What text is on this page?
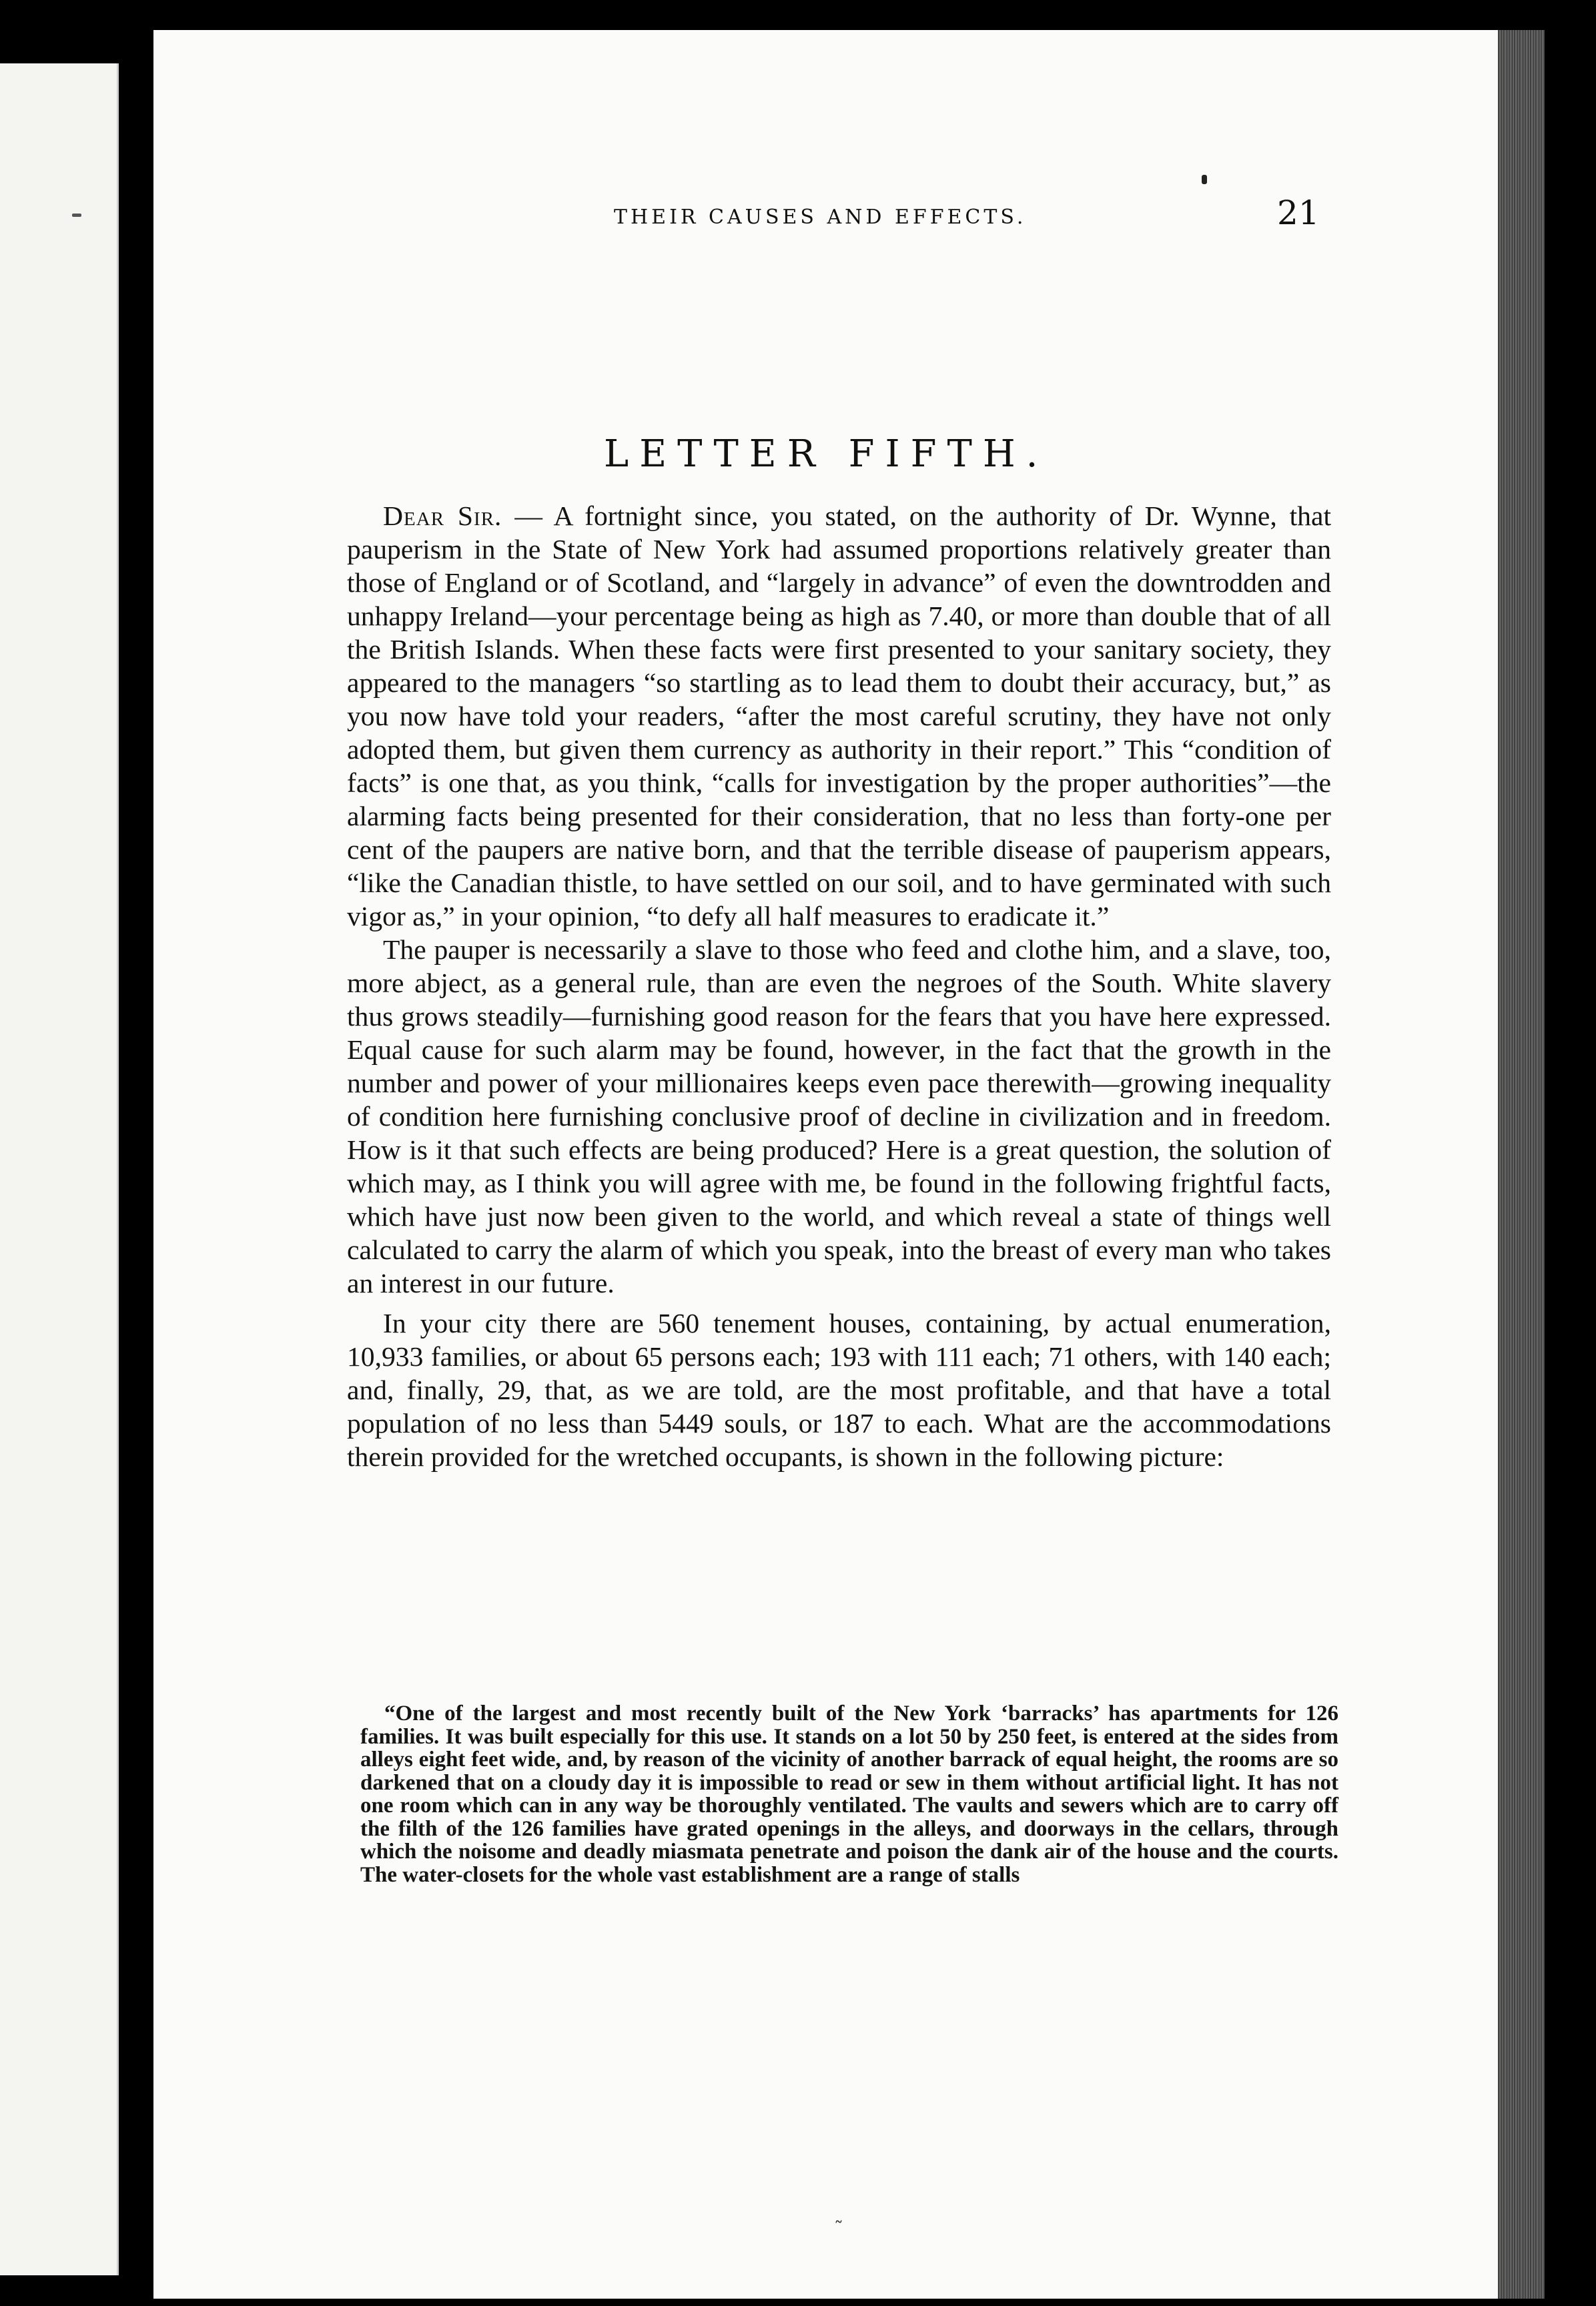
THEIR CAUSES AND EFFECTS.	21
LETTER FIFTH.

Dear Sir. — A fortnight since, you stated, on the authority of Dr. Wynne, that pauperism in the State of New York had assumed proportions relatively greater than those of England or of Scotland, and “largely in advance” of even the downtrodden and unhappy Ireland—your percentage being as high as 7.40, or more than double that of all the British Islands. When these facts were first presented to your sanitary society, they appeared to the managers “so startling as to lead them to doubt their accuracy, but,” as you now have told your readers, “after the most careful scrutiny, they have not only adopted them, but given them currency as authority in their report.” This “condition of facts” is one that, as you think, “calls for investigation by the proper authorities”—the alarming facts being presented for their consideration, that no less than forty-one per cent of the paupers are native born, and that the terrible disease of pauperism appears, “like the Canadian thistle, to have settled on our soil, and to have germinated with such vigor as,” in your opinion, “to defy all half measures to eradicate it.”

The pauper is necessarily a slave to those who feed and clothe him, and a slave, too, more abject, as a general rule, than are even the negroes of the South. White slavery thus grows steadily—furnishing good reason for the fears that you have here expressed. Equal cause for such alarm may be found, however, in the fact that the growth in the number and power of your millionaires keeps even pace therewith—growing inequality of condition here furnishing conclusive proof of decline in civilization and in freedom. How is it that such effects are being produced? Here is a great question, the solution of which may, as I think you will agree with me, be found in the following frightful facts, which have just now been given to the world, and which reveal a state of things well calculated to carry the alarm of which you speak, into the breast of every man who takes an interest in our future.

In your city there are 560 tenement houses, containing, by actual enumeration, 10,933 families, or about 65 persons each; 193 with 111 each; 71 others, with 140 each; and, finally, 29, that, as we are told, are the most profitable, and that have a total population of no less than 5449 souls, or 187 to each. What are the accommodations therein provided for the wretched occupants, is shown in the following picture:

“One of the largest and most recently built of the New York ‘barracks’ has apartments for 126 families. It was built especially for this use. It stands on a lot 50 by 250 feet, is entered at the sides from alleys eight feet wide, and, by reason of the vicinity of another barrack of equal height, the rooms are so darkened that on a cloudy day it is impossible to read or sew in them without artificial light. It has not one room which can in any way be thoroughly ventilated. The vaults and sewers which are to carry off the filth of the 126 families have grated openings in the alleys, and doorways in the cellars, through which the noisome and deadly miasmata penetrate and poison the dank air of the house and the courts. The water-closets for the whole vast establishment are a range of stalls
˷
